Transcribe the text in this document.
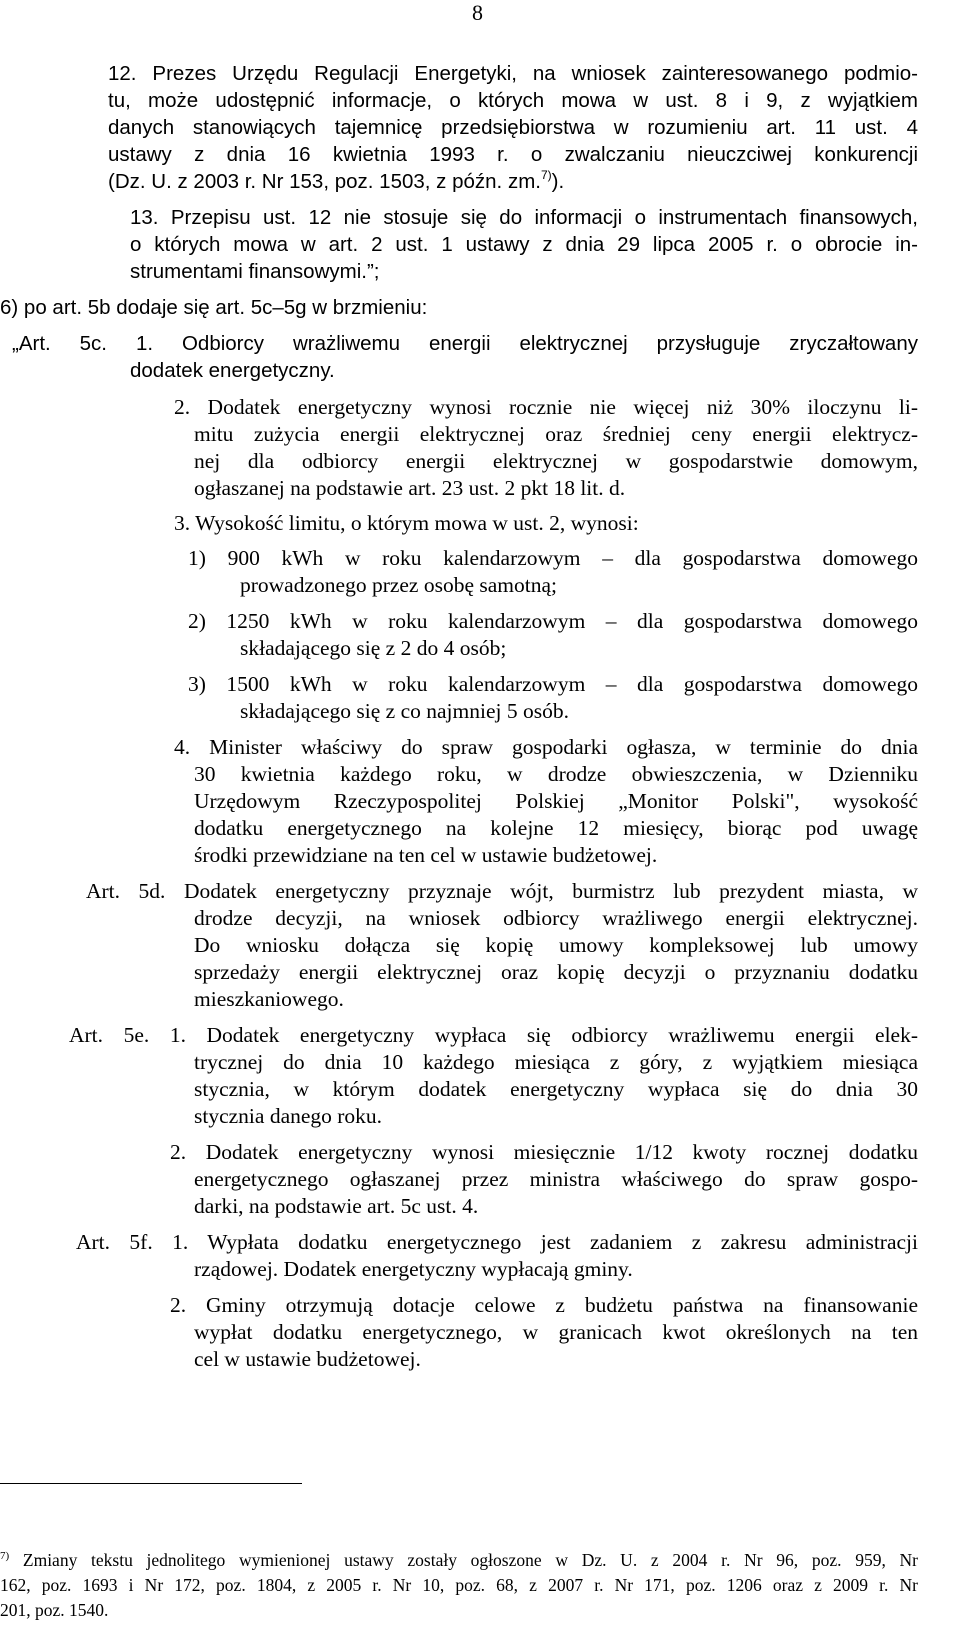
8
12. Prezes Urzędu Regulacji Energetyki, na wniosek zainteresowanego podmio-
tu, może udostępnić informacje, o których mowa w ust. 8 i 9, z wyjątkiem
danych stanowiących tajemnicę przedsiębiorstwa w rozumieniu art. 11 ust. 4
ustawy z dnia 16 kwietnia 1993 r. o zwalczaniu nieuczciwej konkurencji
(Dz. U. z 2003 r. Nr 153, poz. 1503, z późn. zm.$^{7)}$).
13. Przepisu ust. 12 nie stosuje się do informacji o instrumentach finansowych,
o których mowa w art. 2 ust. 1 ustawy z dnia 29 lipca 2005 r. o obrocie in-
strumentami finansowymi.”;
6) po art. 5b dodaje się art. 5c–5g w brzmieniu:
„Art. 5c. 1. Odbiorcy wrażliwemu energii elektrycznej przysługuje zryczałtowany
dodatek energetyczny.
2. Dodatek energetyczny wynosi rocznie nie więcej niż 30% iloczynu li-
mitu zużycia energii elektrycznej oraz średniej ceny energii elektrycz-
nej dla odbiorcy energii elektrycznej w gospodarstwie domowym,
ogłaszanej na podstawie art. 23 ust. 2 pkt 18 lit. d.
3. Wysokość limitu, o którym mowa w ust. 2, wynosi:
1) 900 kWh w roku kalendarzowym – dla gospodarstwa domowego
prowadzonego przez osobę samotną;
2) 1250 kWh w roku kalendarzowym – dla gospodarstwa domowego
składającego się z 2 do 4 osób;
3) 1500 kWh w roku kalendarzowym – dla gospodarstwa domowego
składającego się z co najmniej 5 osób.
4. Minister właściwy do spraw gospodarki ogłasza, w terminie do dnia
30 kwietnia każdego roku, w drodze obwieszczenia, w Dzienniku
Urzędowym Rzeczypospolitej Polskiej „Monitor Polski", wysokość
dodatku energetycznego na kolejne 12 miesięcy, biorąc pod uwagę
środki przewidziane na ten cel w ustawie budżetowej.
Art. 5d. Dodatek energetyczny przyznaje wójt, burmistrz lub prezydent miasta, w
drodze decyzji, na wniosek odbiorcy wrażliwego energii elektrycznej.
Do wniosku dołącza się kopię umowy kompleksowej lub umowy
sprzedaży energii elektrycznej oraz kopię decyzji o przyznaniu dodatku
mieszkaniowego.
Art. 5e. 1. Dodatek energetyczny wypłaca się odbiorcy wrażliwemu energii elek-
trycznej do dnia 10 każdego miesiąca z góry, z wyjątkiem miesiąca
stycznia, w którym dodatek energetyczny wypłaca się do dnia 30
stycznia danego roku.
2. Dodatek energetyczny wynosi miesięcznie 1/12 kwoty rocznej dodatku
energetycznego ogłaszanej przez ministra właściwego do spraw gospo-
darki, na podstawie art. 5c ust. 4.
Art. 5f. 1. Wypłata dodatku energetycznego jest zadaniem z zakresu administracji
rządowej. Dodatek energetyczny wypłacają gminy.
2. Gminy otrzymują dotacje celowe z budżetu państwa na finansowanie
wypłat dodatku energetycznego, w granicach kwot określonych na ten
cel w ustawie budżetowej.
$^{7)}$ Zmiany tekstu jednolitego wymienionej ustawy zostały ogłoszone w Dz. U. z 2004 r. Nr 96, poz. 959, Nr
162, poz. 1693 i Nr 172, poz. 1804, z 2005 r. Nr 10, poz. 68, z 2007 r. Nr 171, poz. 1206 oraz z 2009 r. Nr
201, poz. 1540.
